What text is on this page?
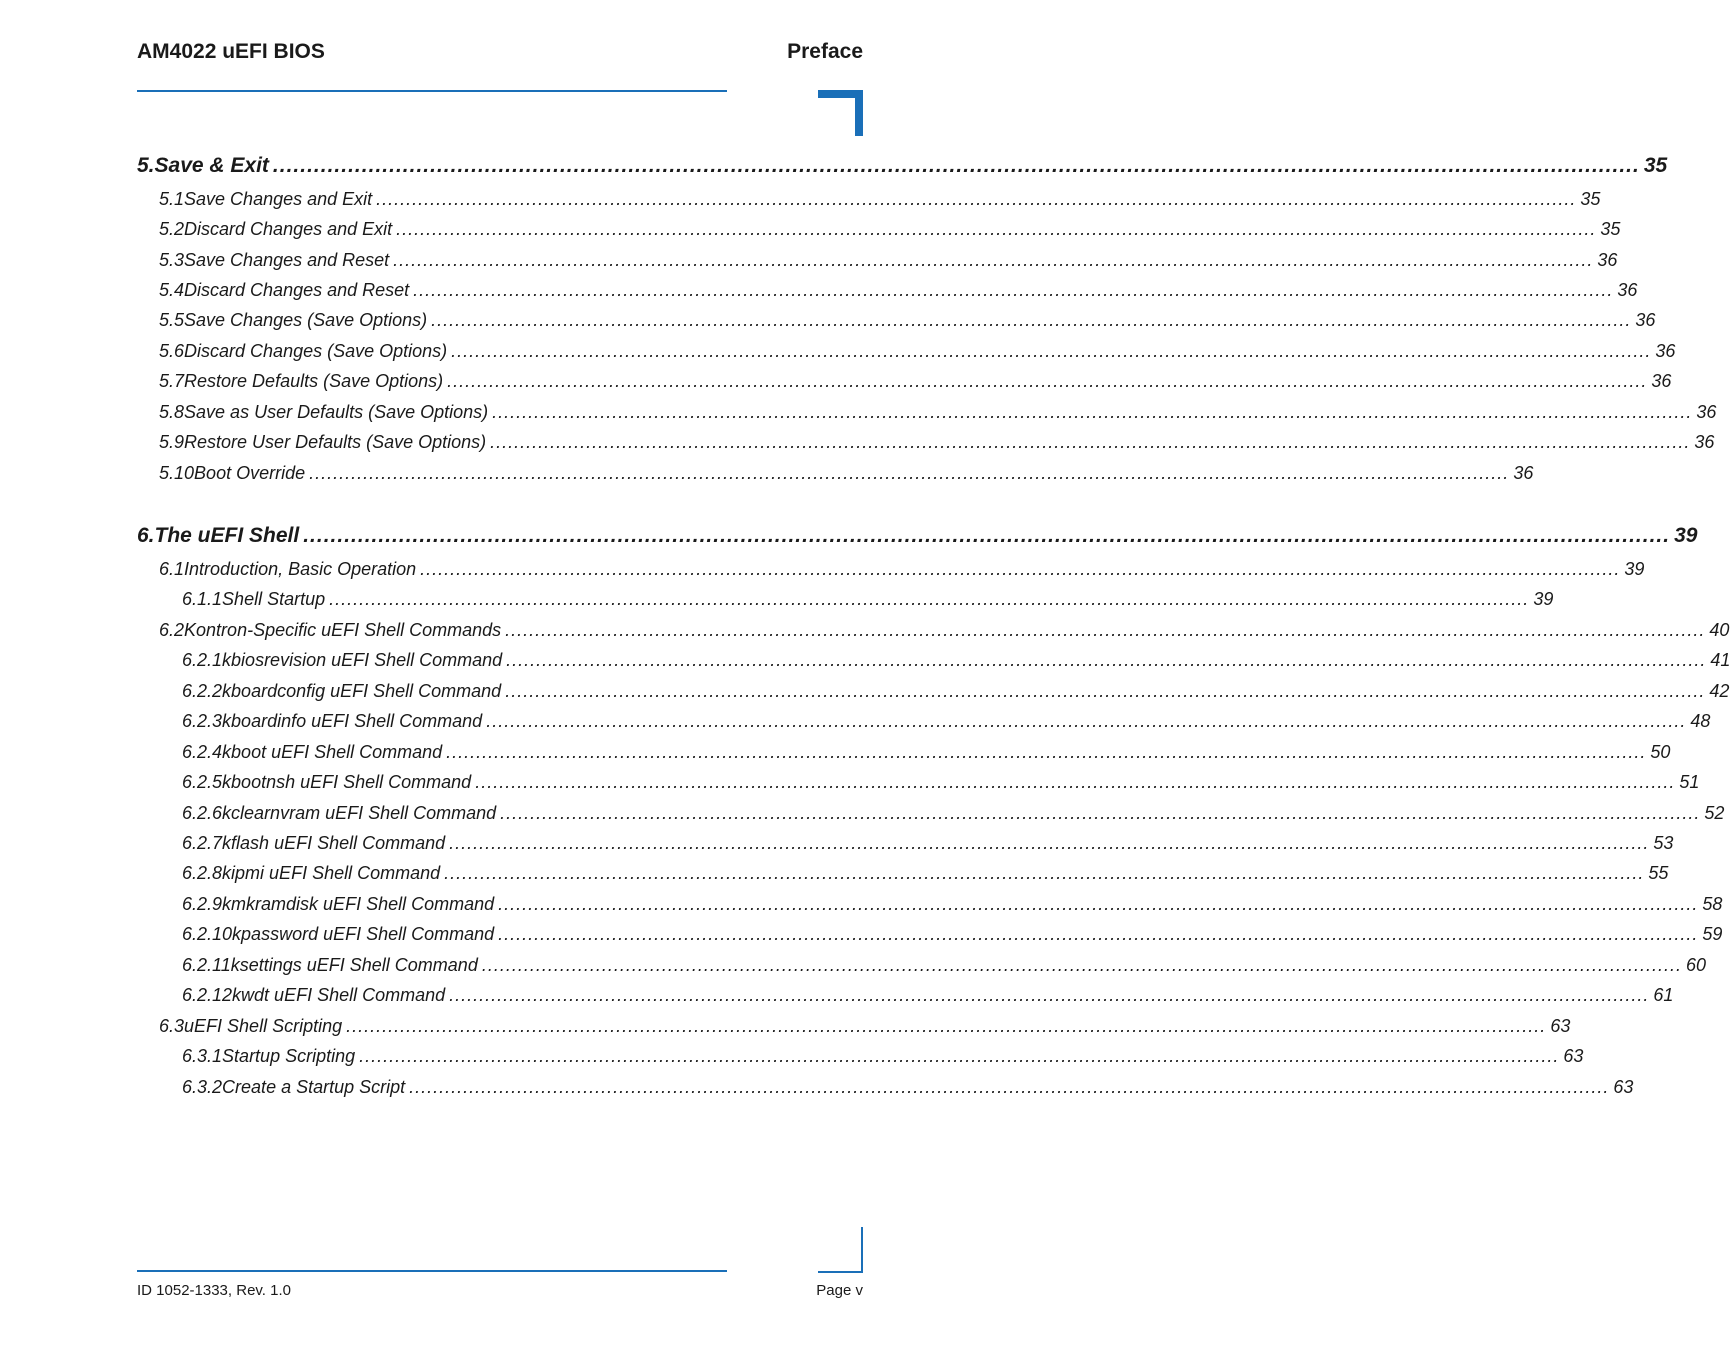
AM4022 uEFI BIOS	Preface
5. Save & Exit ........................................................................................................................................................................................................ 35
5.1 Save Changes and Exit ........................................................................................................................................................................................................ 35
5.2 Discard Changes and Exit ........................................................................................................................................................................................................ 35
5.3 Save Changes and Reset ........................................................................................................................................................................................................ 36
5.4 Discard Changes and Reset ........................................................................................................................................................................................................ 36
5.5 Save Changes (Save Options) ........................................................................................................................................................................................................ 36
5.6 Discard Changes (Save Options) ........................................................................................................................................................................................................ 36
5.7 Restore Defaults (Save Options) ........................................................................................................................................................................................................ 36
5.8 Save as User Defaults (Save Options) ........................................................................................................................................................................................................ 36
5.9 Restore User Defaults (Save Options) ........................................................................................................................................................................................................ 36
5.10 Boot Override ........................................................................................................................................................................................................ 36
6. The uEFI Shell ........................................................................................................................................................................................................ 39
6.1 Introduction, Basic Operation ........................................................................................................................................................................................................ 39
6.1.1 Shell Startup ........................................................................................................................................................................................................ 39
6.2 Kontron-Specific uEFI Shell Commands ........................................................................................................................................................................................................ 40
6.2.1 kbiosrevision uEFI Shell Command ........................................................................................................................................................................................................ 41
6.2.2 kboardconfig uEFI Shell Command ........................................................................................................................................................................................................ 42
6.2.3 kboardinfo uEFI Shell Command ........................................................................................................................................................................................................ 48
6.2.4 kboot uEFI Shell Command ........................................................................................................................................................................................................ 50
6.2.5 kbootnsh uEFI Shell Command ........................................................................................................................................................................................................ 51
6.2.6 kclearnvram uEFI Shell Command ........................................................................................................................................................................................................ 52
6.2.7 kflash uEFI Shell Command ........................................................................................................................................................................................................ 53
6.2.8 kipmi uEFI Shell Command ........................................................................................................................................................................................................ 55
6.2.9 kmkramdisk uEFI Shell Command ........................................................................................................................................................................................................ 58
6.2.10 kpassword uEFI Shell Command ........................................................................................................................................................................................................ 59
6.2.11 ksettings uEFI Shell Command ........................................................................................................................................................................................................ 60
6.2.12 kwdt uEFI Shell Command ........................................................................................................................................................................................................ 61
6.3 uEFI Shell Scripting ........................................................................................................................................................................................................ 63
6.3.1 Startup Scripting ........................................................................................................................................................................................................ 63
6.3.2 Create a Startup Script ........................................................................................................................................................................................................ 63
ID 1052-1333, Rev. 1.0	Page v
